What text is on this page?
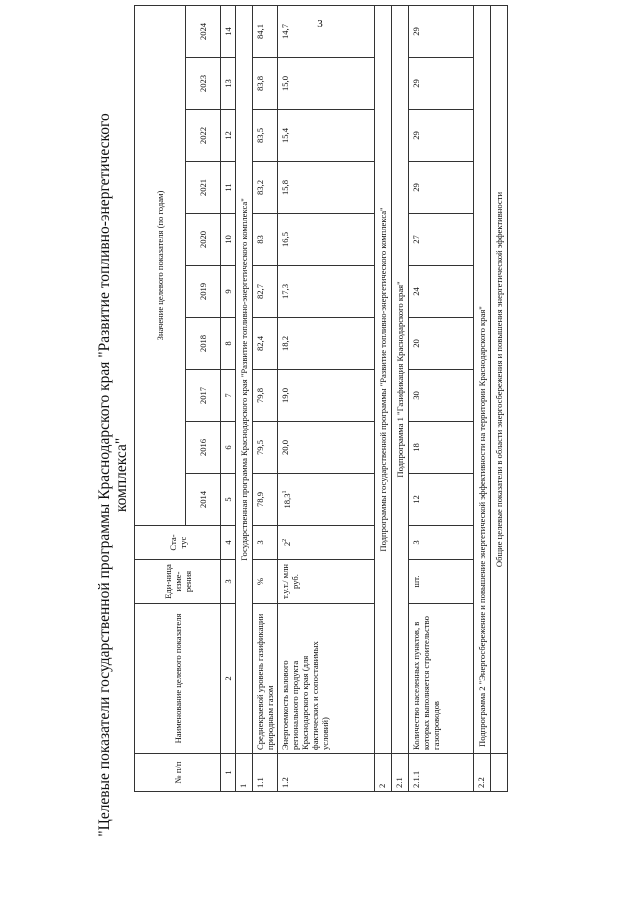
3
"Целевые показатели государственной программы Краснодарского края "Развитие топливно-энергетического комплекса"
№ п/п	Наименование целевого показателя	Еди-ница изме-рения	Ста-тус	Значение целевого показателя (по годам)									
				2014	2016	2017	2018	2019	2020	2021	2022	2023	2024
1	2	3	4	5	6	7	8	9	10	11	12	13	14
1	Государственная программа Краснодарского края "Развитие топливно-энергетического комплекса"												
1.1	Среднекраевой уровень газификации природным газом	%	3	78,9	79,5	79,8	82,4	82,7	83	83,2	83,5	83,8	84,1
1.2	Энергоемкость валового регионального продукта Краснодарского края (для фактических и сопоставимых условий)	т.у.т./ млн руб.	$2^2$	18,3$^1$	20,0	19,0	18,2	17,3	16,5	15,8	15,4	15,0	14,7
2	Подпрограммы государственной программы "Развитие топливно-энергетического комплекса"												
2.1	Подпрограмма 1 "Газификация Краснодарского края"												
2.1.1	Количество населенных пунктов, в которых выполняется строительство газопроводов	шт.	3	12	18	30	20	24	27	29	29	29	29
2.2	Подпрограмма 2 "Энергосбережение и повышение энергетической эффективности на территории Краснодарского края"												
	Общие целевые показатели в области энергосбережения и повышения энергетической эффективности												
